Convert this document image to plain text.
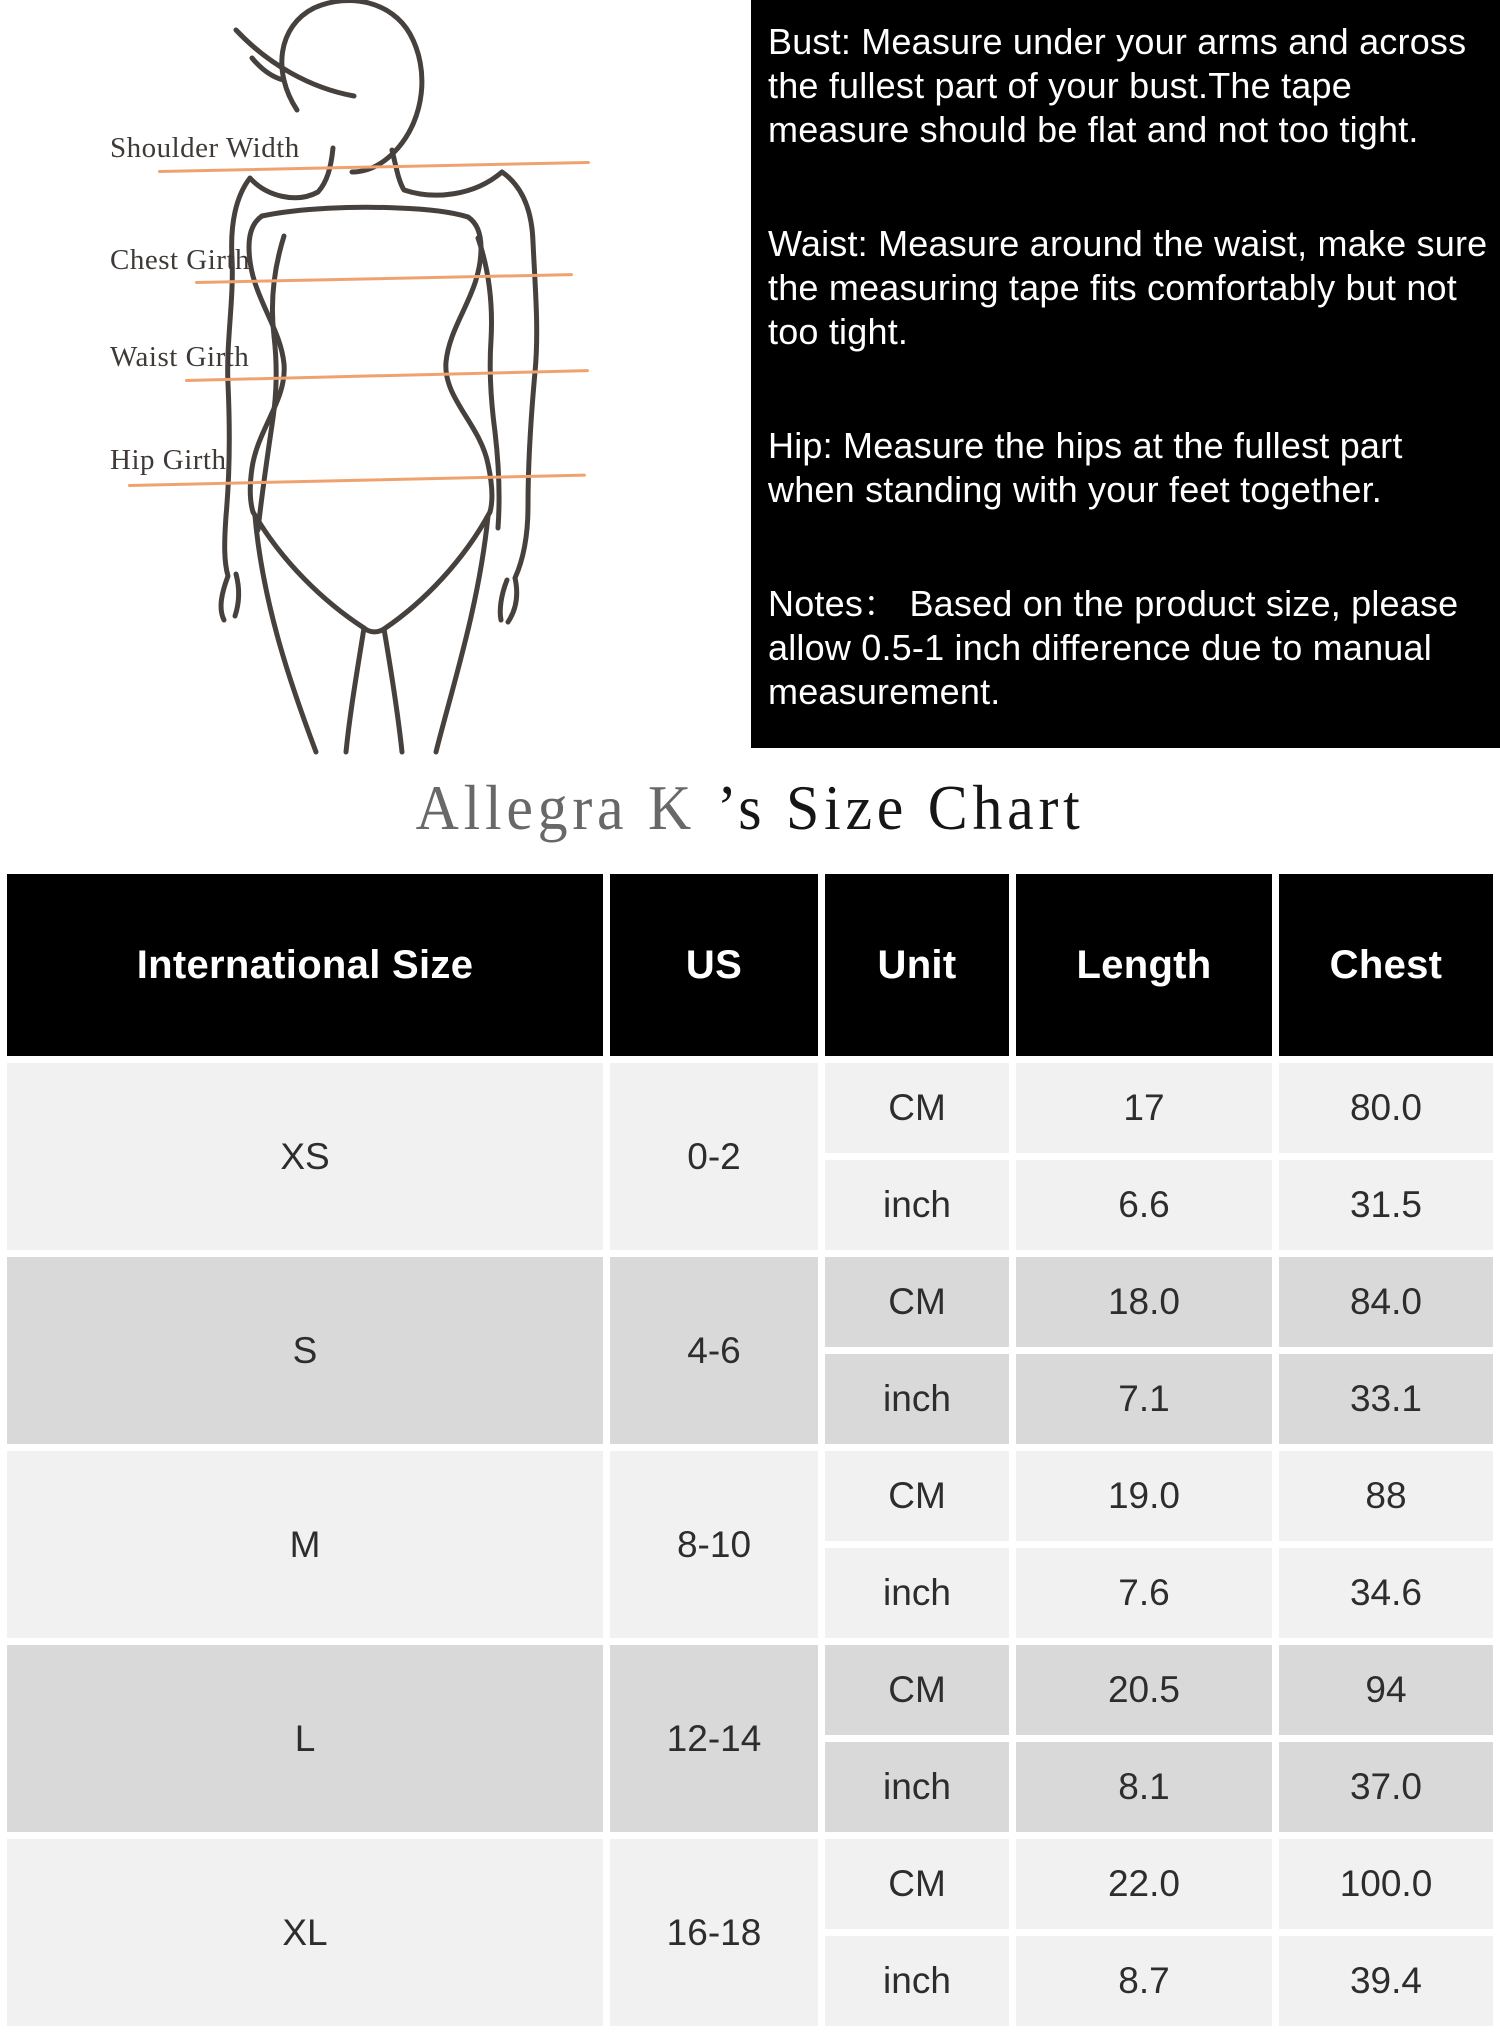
Shoulder Width
Chest Girth
Waist Girth
Hip Girth
Bust: Measure under your arms and across
the fullest part of your bust.The tape
measure should be flat and not too tight.
Waist: Measure around the waist, make sure
the measuring tape fits comfortably but not
too tight.
Hip: Measure the hips at the fullest part
when standing with your feet together.
Notes： Based on the product size, please
allow 0.5-1 inch difference due to manual
measurement.
Allegra K ’s Size Chart
International Size	US	Unit	Length	Chest
XS	0-2	CM	17	80.0
		inch	6.6	31.5
S	4-6	CM	18.0	84.0
		inch	7.1	33.1
M	8-10	CM	19.0	88
		inch	7.6	34.6
L	12-14	CM	20.5	94
		inch	8.1	37.0
XL	16-18	CM	22.0	100.0
		inch	8.7	39.4
